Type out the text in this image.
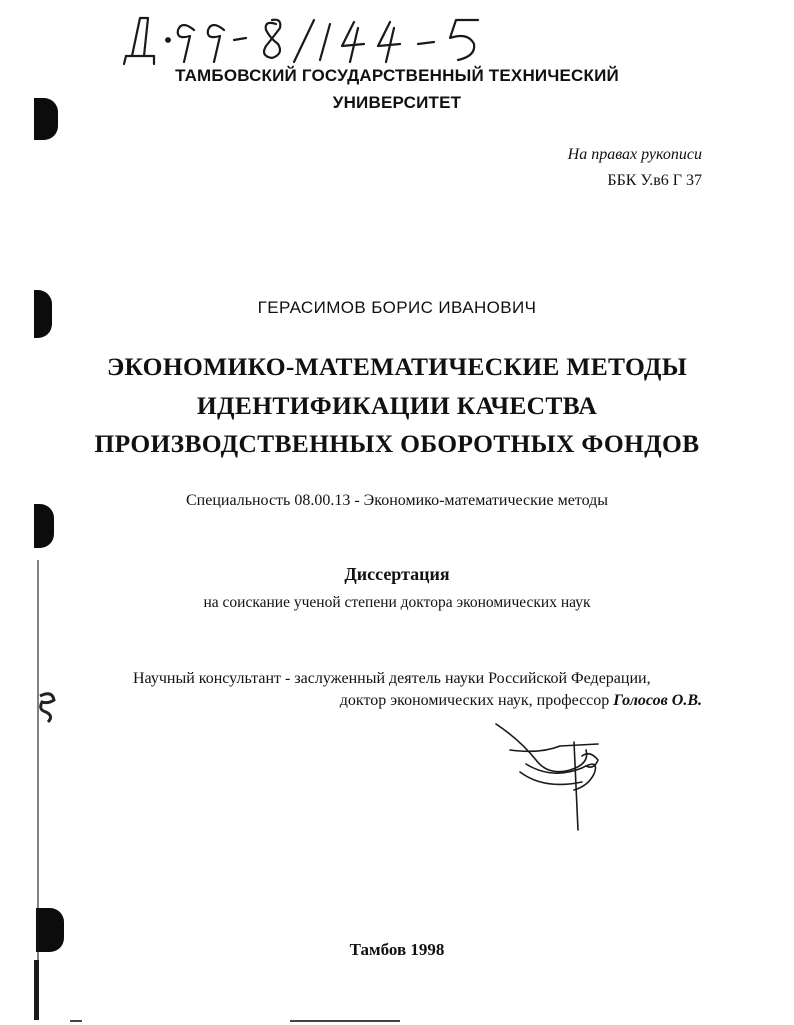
ТАМБОВСКИЙ ГОСУДАРСТВЕННЫЙ ТЕХНИЧЕСКИЙ
УНИВЕРСИТЕТ
На правах рукописи
ББК У.в6 Г 37
ГЕРАСИМОВ БОРИС ИВАНОВИЧ
ЭКОНОМИКО-МАТЕМАТИЧЕСКИЕ МЕТОДЫ
ИДЕНТИФИКАЦИИ КАЧЕСТВА
ПРОИЗВОДСТВЕННЫХ ОБОРОТНЫХ ФОНДОВ
Специальность 08.00.13 - Экономико-математические методы
Диссертация
на соискание ученой степени доктора экономических наук
Научный консультант - заслуженный деятель науки Российской Федерации,
доктор экономических наук, профессор Голосов О.В.
Тамбов 1998
